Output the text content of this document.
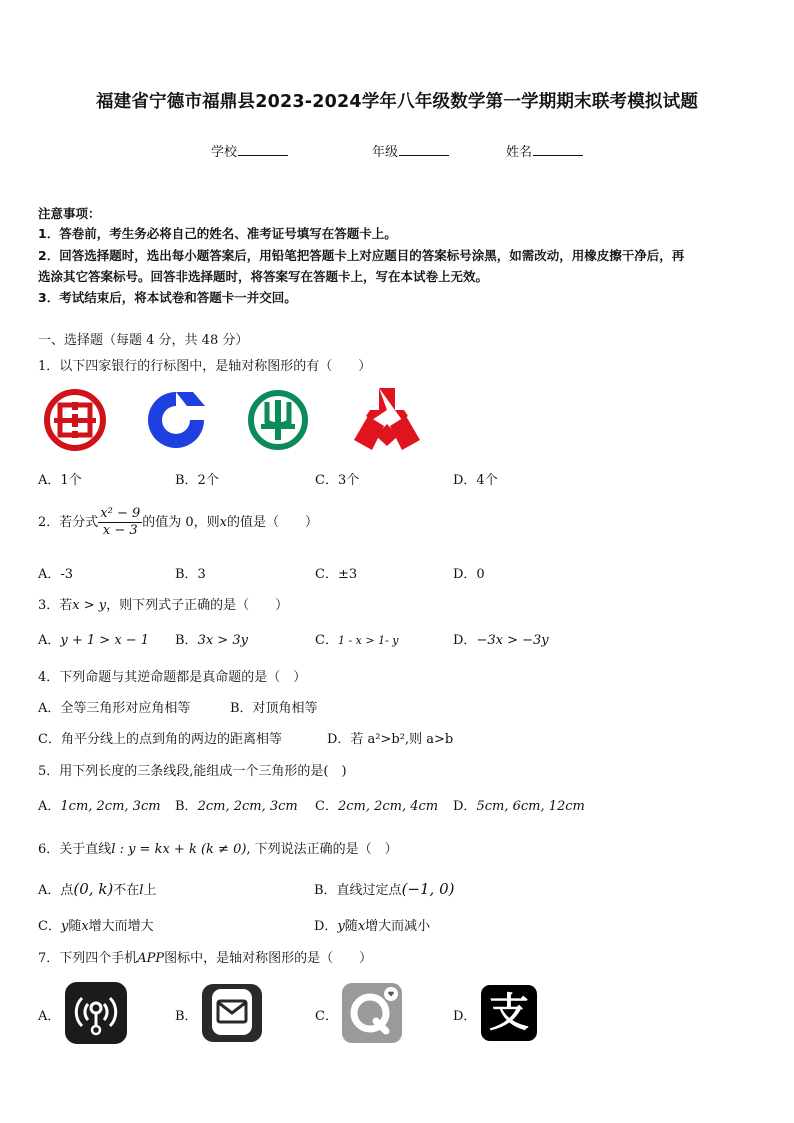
福建省宁德市福鼎县2023-2024学年八年级数学第一学期期末联考模拟试题
学校	年级	姓名
注意事项：
1．答卷前，考生务必将自己的姓名、准考证号填写在答题卡上。
2．回答选择题时，选出每小题答案后，用铅笔把答题卡上对应题目的答案标号涂黑，如需改动，用橡皮擦干净后，再
选涂其它答案标号。回答非选择题时，将答案写在答题卡上，写在本试卷上无效。
3．考试结束后，将本试卷和答题卡一并交回。
一、选择题（每题 4 分，共 48 分）
1．以下四家银行的行标图中，是轴对称图形的有（　　）
A．1个	B．2个	C．3个	D．4个
2．若分式 $\frac{\text{x² − 9}}{x - 3}$ 的值为 0，则x的值是（　　）
A．-3	B．3	C．±3	D．0
3．若x > y，则下列式子正确的是（　　）
A．y + 1 > x − 1 B．3x > 3y	C．1 - x > 1- y	D．−3x > −3y
4．下列命题与其逆命题都是真命题的是（　）
A．全等三角形对应角相等	B．对顶角相等
C．角平分线上的点到角的两边的距离相等	D．若 a²>b²,则 a>b
5．用下列长度的三条线段,能组成一个三角形的是(　)
A．1cm, 2cm, 3cm B．2cm, 2cm, 3cm C．2cm, 2cm, 4cm D．5cm, 6cm, 12cm
6．关于直线l : y = kx + k (k ≠ 0), 下列说法正确的是（　）
A．点(0, k)不在l上	B．直线过定点(−1, 0)
C．y随x增大而增大	D．y随x增大而减小
7．下列四个手机APP图标中，是轴对称图形的是（　　）
A．	B．	C．	D． 支
